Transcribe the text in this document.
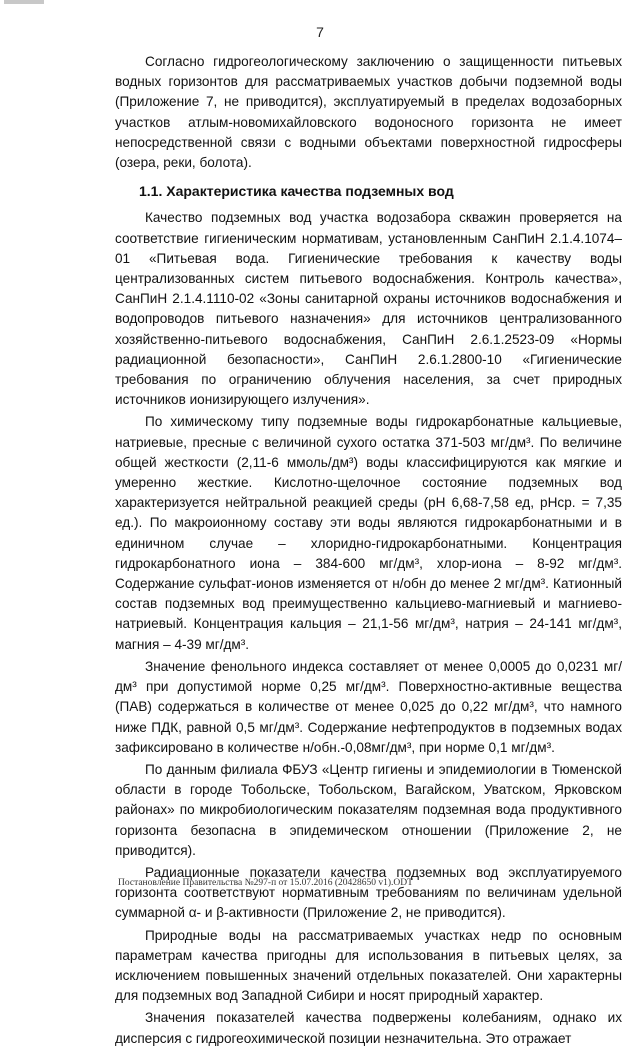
7

Согласно гидрогеологическому заключению о защищенности питьевых водных горизонтов для рассматриваемых участков добычи подземной воды (Приложение 7, не приводится), эксплуатируемый в пределах водозаборных участков атлым-новомихайловского водоносного горизонта не имеет непосредственной связи с водными объектами поверхностной гидросферы (озера, реки, болота).

1.1. Характеристика качества подземных вод

Качество подземных вод участка водозабора скважин проверяется на соответствие гигиеническим нормативам, установленным СанПиН 2.1.4.1074–01 «Питьевая вода. Гигиенические требования к качеству воды централизованных систем питьевого водоснабжения. Контроль качества», СанПиН 2.1.4.1110-02 «Зоны санитарной охраны источников водоснабжения и водопроводов питьевого назначения» для источников централизованного хозяйственно-питьевого водоснабжения, СанПиН 2.6.1.2523-09 «Нормы радиационной безопасности», СанПиН 2.6.1.2800-10 «Гигиенические требования по ограничению облучения населения, за счет природных источников ионизирующего излучения».

По химическому типу подземные воды гидрокарбонатные кальциевые, натриевые, пресные с величиной сухого остатка 371-503 мг/дм³. По величине общей жесткости (2,11-6 ммоль/дм³) воды классифицируются как мягкие и умеренно жесткие. Кислотно-щелочное состояние подземных вод характеризуется нейтральной реакцией среды (рН 6,68-7,58 ед, рНср. = 7,35 ед.). По макроионному составу эти воды являются гидрокарбонатными и в единичном случае – хлоридно-гидрокарбонатными. Концентрация гидрокарбонатного иона – 384-600 мг/дм³, хлор-иона – 8-92 мг/дм³. Содержание сульфат-ионов изменяется от н/обн до менее 2 мг/дм³. Катионный состав подземных вод преимущественно кальциево-магниевый и магниево-натриевый. Концентрация кальция – 21,1-56 мг/дм³, натрия – 24-141 мг/дм³, магния – 4-39 мг/дм³.

Значение фенольного индекса составляет от менее 0,0005 до 0,0231 мг/дм³ при допустимой норме 0,25 мг/дм³. Поверхностно-активные вещества (ПАВ) содержаться в количестве от менее 0,025 до 0,22 мг/дм³, что намного ниже ПДК, равной 0,5 мг/дм³. Содержание нефтепродуктов в подземных водах зафиксировано в количестве н/обн.-0,08мг/дм³, при норме 0,1 мг/дм³.

По данным филиала ФБУЗ «Центр гигиены и эпидемиологии в Тюменской области в городе Тобольске, Тобольском, Вагайском, Уватском, Ярковском районах» по микробиологическим показателям подземная вода продуктивного горизонта безопасна в эпидемическом отношении (Приложение 2, не приводится).

Радиационные показатели качества подземных вод эксплуатируемого горизонта соответствуют нормативным требованиям по величинам удельной суммарной α- и β-активности (Приложение 2, не приводится).

Природные воды на рассматриваемых участках недр по основным параметрам качества пригодны для использования в питьевых целях, за исключением повышенных значений отдельных показателей. Они характерны для подземных вод Западной Сибири и носят природный характер.

Значения показателей качества подвержены колебаниям, однако их дисперсия с гидрогеохимической позиции незначительна. Это отражает

Постановление Правительства №297-п от 15.07.2016 (20428650 v1).ODT
